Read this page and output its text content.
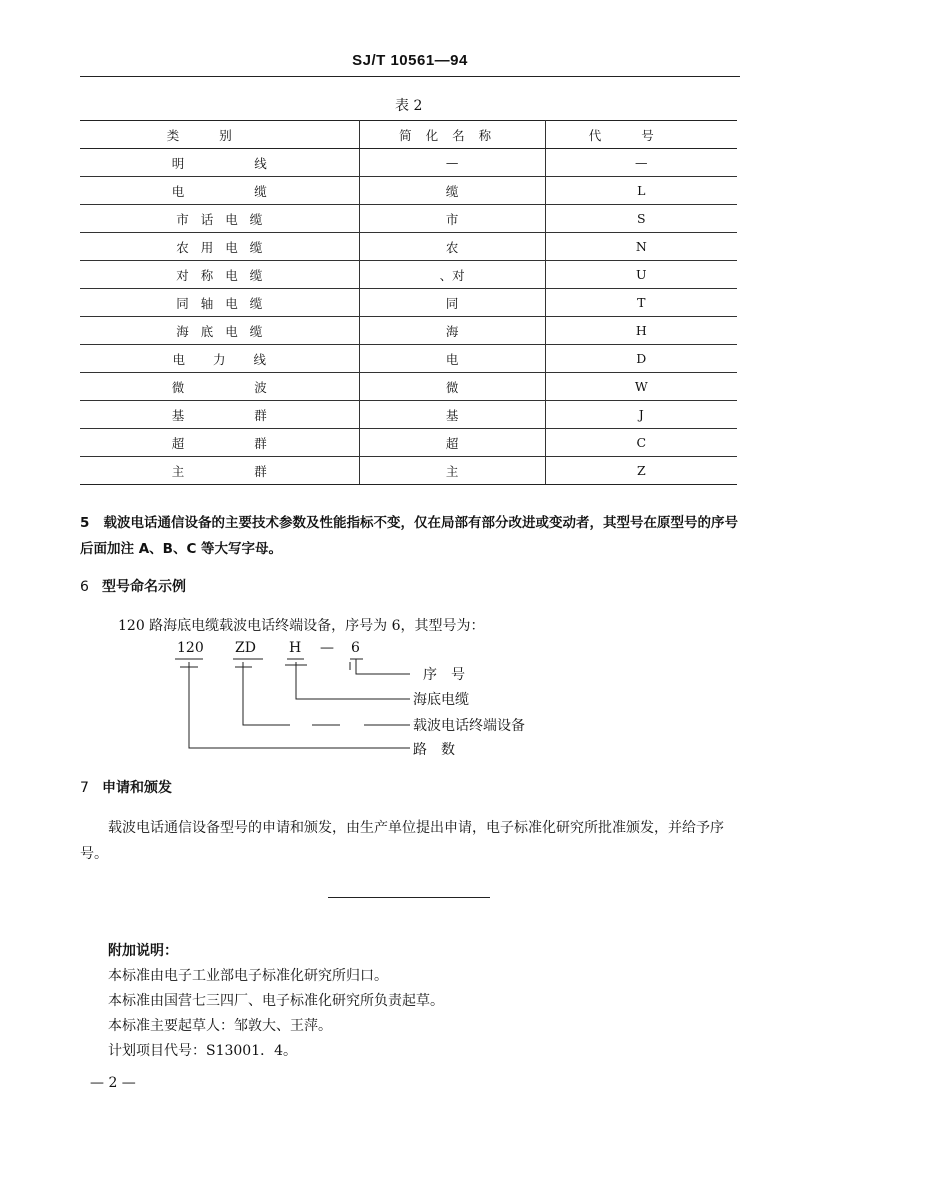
SJ/T 10561—94
表 2
类别	简化名称	代号
明线	—	—
电缆	缆	L
市话电缆	市	S
农用电缆	农	N
对称电缆	、对	U
同轴电缆	同	T
海底电缆	海	H
电力线	电	D
微波	微	W
基群	基	J
超群	超	C
主群	主	Z
5 载波电话通信设备的主要技术参数及性能指标不变，仅在局部有部分改进或变动者，其型号在原型号的序号后面加注 A、B、C 等大写字母。
6 型号命名示例
120 路海底电缆载波电话终端设备，序号为 6，其型号为：
120 ZD H — 6
序　号
海底电缆
载波电话终端设备
路　数
7 申请和颁发
载波电话通信设备型号的申请和颁发，由生产单位提出申请，电子标准化研究所批准颁发，并给予序号。
附加说明：
本标准由电子工业部电子标准化研究所归口。
本标准由国营七三四厂、电子标准化研究所负责起草。
本标准主要起草人：邹敦大、王萍。
计划项目代号：S13001．4。
— 2 —
